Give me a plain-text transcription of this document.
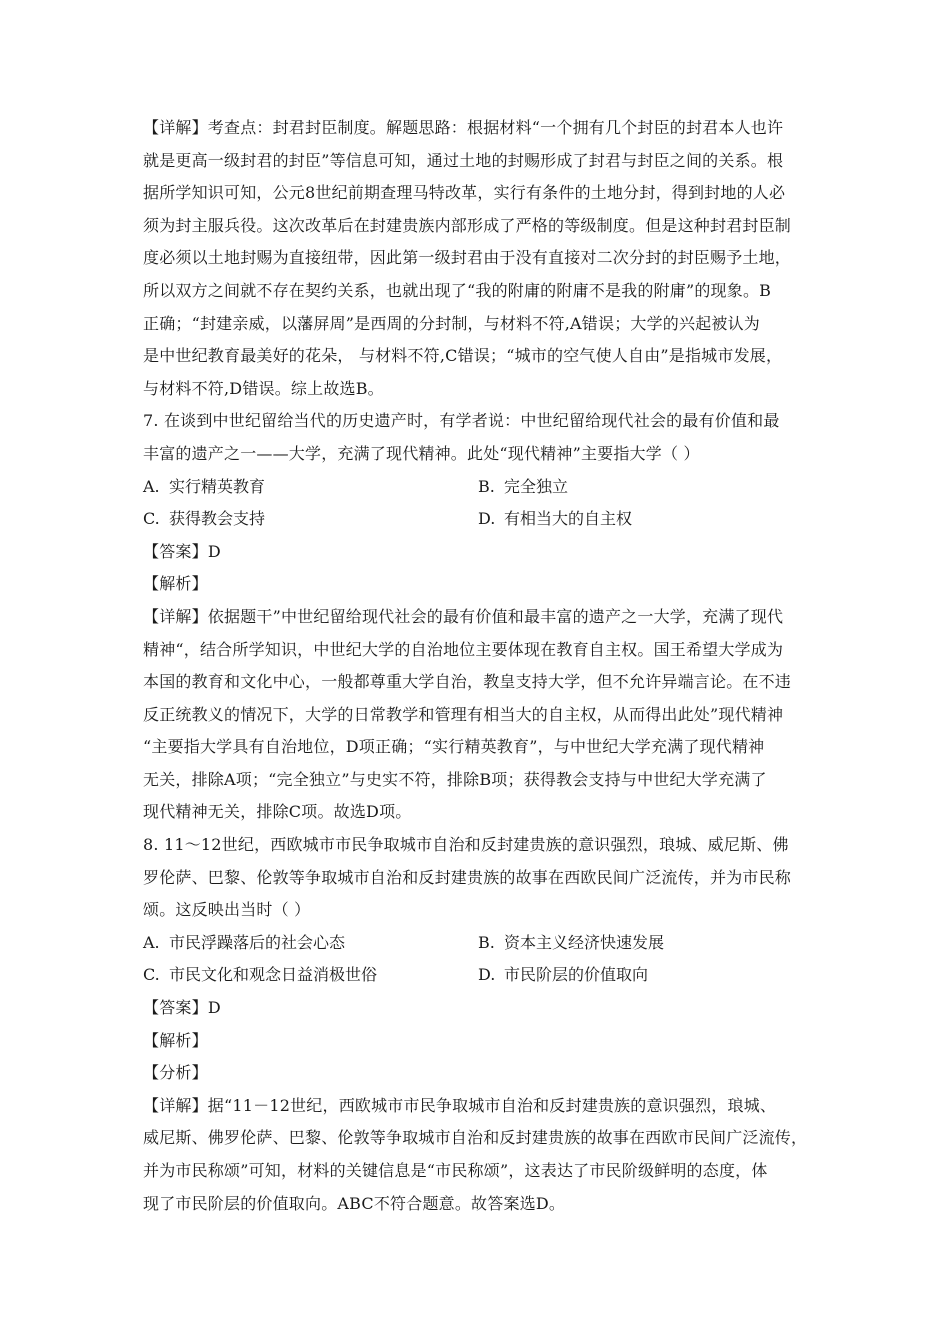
【详解】考查点：封君封臣制度。解题思路：根据材料“一个拥有几个封臣的封君本人也许
就是更高一级封君的封臣”等信息可知，通过土地的封赐形成了封君与封臣之间的关系。根
据所学知识可知，公元8世纪前期查理马特改革，实行有条件的土地分封，得到封地的人必
须为封主服兵役。这次改革后在封建贵族内部形成了严格的等级制度。但是这种封君封臣制
度必须以土地封赐为直接纽带，因此第一级封君由于没有直接对二次分封的封臣赐予土地，
所以双方之间就不存在契约关系，也就出现了“我的附庸的附庸不是我的附庸”的现象。B
正确；“封建亲威，以藩屏周”是西周的分封制，与材料不符,A错误；大学的兴起被认为
是中世纪教育最美好的花朵， 与材料不符,C错误；“城市的空气使人自由”是指城市发展，
与材料不符,D错误。综上故选B。
7. 在谈到中世纪留给当代的历史遗产时，有学者说：中世纪留给现代社会的最有价值和最
丰富的遗产之一——大学，充满了现代精神。此处“现代精神”主要指大学（ ）
A. 实行精英教育	B. 完全独立
C. 获得教会支持	D. 有相当大的自主权
【答案】D
【解析】
【详解】依据题干”中世纪留给现代社会的最有价值和最丰富的遗产之一大学，充满了现代
精神“，结合所学知识，中世纪大学的自治地位主要体现在教育自主权。国王希望大学成为
本国的教育和文化中心，一般都尊重大学自治，教皇支持大学，但不允许异端言论。在不违
反正统教义的情况下，大学的日常教学和管理有相当大的自主权，从而得出此处”现代精神
“主要指大学具有自治地位，D项正确；“实行精英教育”，与中世纪大学充满了现代精神
无关，排除A项；“完全独立”与史实不符，排除B项；获得教会支持与中世纪大学充满了
现代精神无关，排除C项。故选D项。
8. 11～12世纪，西欧城市市民争取城市自治和反封建贵族的意识强烈，琅城、威尼斯、佛
罗伦萨、巴黎、伦敦等争取城市自治和反封建贵族的故事在西欧民间广泛流传，并为市民称
颂。这反映出当时（ ）
A. 市民浮躁落后的社会心态	B. 资本主义经济快速发展
C. 市民文化和观念日益消极世俗	D. 市民阶层的价值取向
【答案】D
【解析】
【分析】
【详解】据“11－12世纪，西欧城市市民争取城市自治和反封建贵族的意识强烈，琅城、
威尼斯、佛罗伦萨、巴黎、伦敦等争取城市自治和反封建贵族的故事在西欧市民间广泛流传，
并为市民称颂”可知，材料的关键信息是“市民称颂”，这表达了市民阶级鲜明的态度，体
现了市民阶层的价值取向。ABC不符合题意。故答案选D。
